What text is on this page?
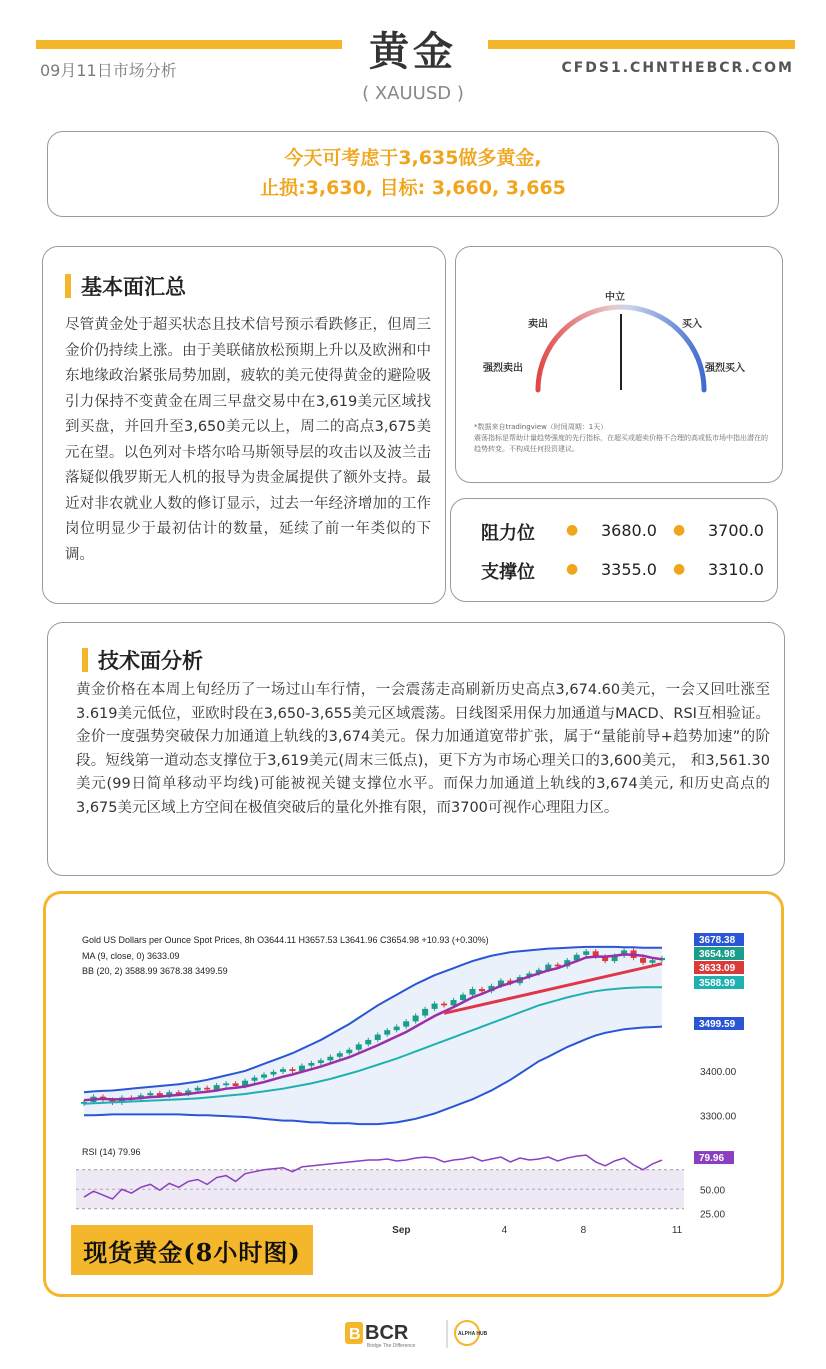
09月11日市场分析	黄金
( XAUUSD )
CFDS1.CHNTHEBCR.COM
今天可考虑于3,635做多黄金,
止损:3,630, 目标: 3,660, 3,665
基本面汇总
尽管黄金处于超买状态且技术信号预示看跌修正，但周三金价仍持续上涨。由于美联储放松预期上升以及欧洲和中东地缘政治紧张局势加剧，疲软的美元使得黄金的避险吸引力保持不变黄金在周三早盘交易中在3,619美元区域找到买盘，并回升至3,650美元以上，周二的高点3,675美元在望。以色列对卡塔尔哈马斯领导层的攻击以及波兰击落疑似俄罗斯无人机的报导为贵金属提供了额外支持。最近对非农就业人数的修订显示，过去一年经济增加的工作岗位明显少于最初估计的数量，延续了前一年类似的下调。
强烈卖出
卖出
中立
买入
强烈买入
*数据来自tradingview（时间周期：1天）
震荡指标是帮助计量趋势强度的先行指标，在超买或超卖价格不合理的高或低市场中指出潜在的趋势转变。不构成任何投资建议。
阻力位 ● 3680.0 ● 3700.0
支撑位 ● 3355.0 ● 3310.0
技术面分析
黄金价格在本周上旬经历了一场过山车行情，一会震荡走高刷新历史高点3,674.60美元，一会又回吐涨至3.619美元低位，亚欧时段在3,650-3,655美元区域震荡。日线图采用保力加通道与MACD、RSI互相验证。金价一度强势突破保力加通道上轨线的3,674美元。保力加通道宽带扩张，属于“量能前导+趋势加速”的阶段。短线第一道动态支撑位于3,619美元(周末三低点)，更下方为市场心理关口的3,600美元， 和3,561.30美元(99日简单移动平均线)可能被视关键支撑位水平。而保力加通道上轨线的3,674美元, 和历史高点的3,675美元区域上方空间在极值突破后的量化外推有限，而3700可视作心理阻力区。
3400.00
3300.00
3678.38
3654.98
3633.09
3588.99
3499.59
Gold US Dollars per Ounce Spot Prices, 8h O3644.11 H3657.53 L3641.96 C3654.98 +10.93 (+0.30%)
MA (9, close, 0) 3633.09
BB (20, 2) 3588.99 3678.38 3499.59
RSI (14) 79.96
79.96
50.00
25.00
Sep	4	8	11
现货黄金(8小时图)
B BCR
Bridge The Difference
ALPHA HUB
